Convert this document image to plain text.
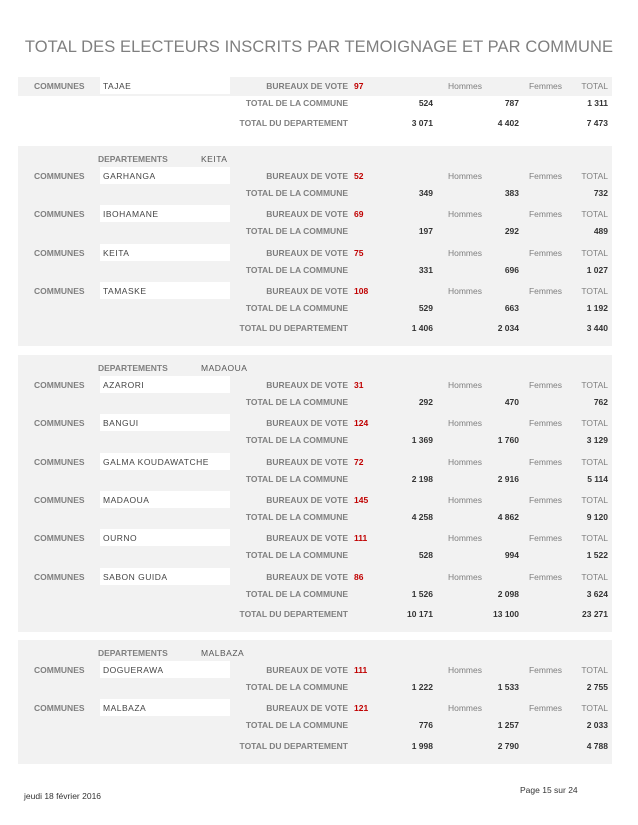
TOTAL DES ELECTEURS INSCRITS PAR TEMOIGNAGE ET PAR COMMUNE
COMMUNES TAJAE	BUREAUX DE VOTE 97	Hommes	Femmes	TOTAL
TOTAL DE LA COMMUNE	524	787	1 311
TOTAL DU DEPARTEMENT	3 071	4 402	7 473
DEPARTEMENTS	KEITA
COMMUNES GARHANGA	BUREAUX DE VOTE 52	Hommes	Femmes	TOTAL
TOTAL DE LA COMMUNE	349	383	732
COMMUNES IBOHAMANE	BUREAUX DE VOTE 69	Hommes	Femmes	TOTAL
TOTAL DE LA COMMUNE	197	292	489
COMMUNES KEITA	BUREAUX DE VOTE 75	Hommes	Femmes	TOTAL
TOTAL DE LA COMMUNE	331	696	1 027
COMMUNES TAMASKE	BUREAUX DE VOTE 108	Hommes	Femmes	TOTAL
TOTAL DE LA COMMUNE	529	663	1 192
TOTAL DU DEPARTEMENT	1 406	2 034	3 440
DEPARTEMENTS	MADAOUA
COMMUNES AZARORI	BUREAUX DE VOTE 31	Hommes	Femmes	TOTAL
TOTAL DE LA COMMUNE	292	470	762
COMMUNES BANGUI	BUREAUX DE VOTE 124	Hommes	Femmes	TOTAL
TOTAL DE LA COMMUNE	1 369	1 760	3 129
COMMUNES GALMA KOUDAWATCHE	BUREAUX DE VOTE 72	Hommes	Femmes	TOTAL
TOTAL DE LA COMMUNE	2 198	2 916	5 114
COMMUNES MADAOUA	BUREAUX DE VOTE 145	Hommes	Femmes	TOTAL
TOTAL DE LA COMMUNE	4 258	4 862	9 120
COMMUNES OURNO	BUREAUX DE VOTE 111	Hommes	Femmes	TOTAL
TOTAL DE LA COMMUNE	528	994	1 522
COMMUNES SABON GUIDA	BUREAUX DE VOTE 86	Hommes	Femmes	TOTAL
TOTAL DE LA COMMUNE	1 526	2 098	3 624
TOTAL DU DEPARTEMENT	10 171	13 100	23 271
DEPARTEMENTS	MALBAZA
COMMUNES DOGUERAWA	BUREAUX DE VOTE 111	Hommes	Femmes	TOTAL
TOTAL DE LA COMMUNE	1 222	1 533	2 755
COMMUNES MALBAZA	BUREAUX DE VOTE 121	Hommes	Femmes	TOTAL
TOTAL DE LA COMMUNE	776	1 257	2 033
TOTAL DU DEPARTEMENT	1 998	2 790	4 788
jeudi 18 février 2016
Page 15 sur 24
